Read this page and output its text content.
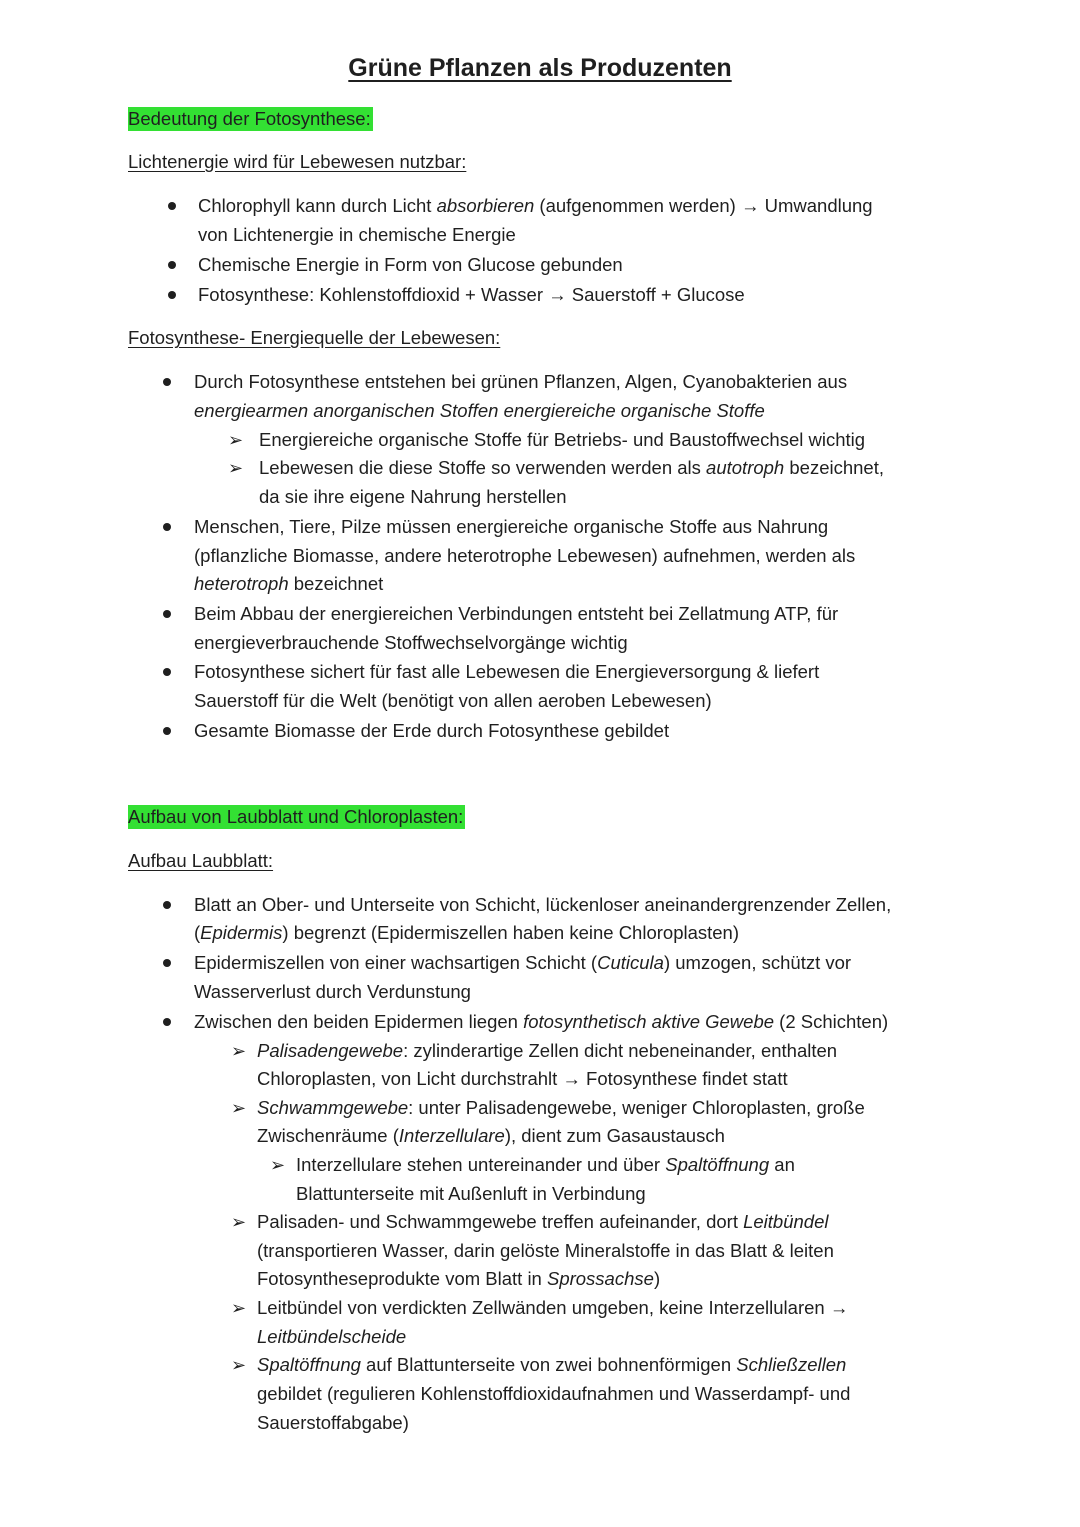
Grüne Pflanzen als Produzenten
Bedeutung der Fotosynthese:
Lichtenergie wird für Lebewesen nutzbar:
Chlorophyll kann durch Licht absorbieren (aufgenommen werden) → Umwandlung
von Lichtenergie in chemische Energie
Chemische Energie in Form von Glucose gebunden
Fotosynthese: Kohlenstoffdioxid + Wasser → Sauerstoff + Glucose
Fotosynthese- Energiequelle der Lebewesen:
Durch Fotosynthese entstehen bei grünen Pflanzen, Algen, Cyanobakterien aus
energiearmen anorganischen Stoffen energiereiche organische Stoffe
➢ Energiereiche organische Stoffe für Betriebs- und Baustoffwechsel wichtig
➢ Lebewesen die diese Stoffe so verwenden werden als autotroph bezeichnet,
da sie ihre eigene Nahrung herstellen
Menschen, Tiere, Pilze müssen energiereiche organische Stoffe aus Nahrung
(pflanzliche Biomasse, andere heterotrophe Lebewesen) aufnehmen, werden als
heterotroph bezeichnet
Beim Abbau der energiereichen Verbindungen entsteht bei Zellatmung ATP, für
energieverbrauchende Stoffwechselvorgänge wichtig
Fotosynthese sichert für fast alle Lebewesen die Energieversorgung & liefert
Sauerstoff für die Welt (benötigt von allen aeroben Lebewesen)
Gesamte Biomasse der Erde durch Fotosynthese gebildet
Aufbau von Laubblatt und Chloroplasten:
Aufbau Laubblatt:
Blatt an Ober- und Unterseite von Schicht, lückenloser aneinandergrenzender Zellen,
(Epidermis) begrenzt (Epidermiszellen haben keine Chloroplasten)
Epidermiszellen von einer wachsartigen Schicht (Cuticula) umzogen, schützt vor
Wasserverlust durch Verdunstung
Zwischen den beiden Epidermen liegen fotosynthetisch aktive Gewebe (2 Schichten)
➢ Palisadengewebe: zylinderartige Zellen dicht nebeneinander, enthalten
Chloroplasten, von Licht durchstrahlt → Fotosynthese findet statt
➢ Schwammgewebe: unter Palisadengewebe, weniger Chloroplasten, große
Zwischenräume (Interzellulare), dient zum Gasaustausch
➢ Interzellulare stehen untereinander und über Spaltöffnung an
Blattunterseite mit Außenluft in Verbindung
➢ Palisaden- und Schwammgewebe treffen aufeinander, dort Leitbündel
(transportieren Wasser, darin gelöste Mineralstoffe in das Blatt & leiten
Fotosyntheseprodukte vom Blatt in Sprossachse)
➢ Leitbündel von verdickten Zellwänden umgeben, keine Interzellularen →
Leitbündelscheide
➢ Spaltöffnung auf Blattunterseite von zwei bohnenförmigen Schließzellen
gebildet (regulieren Kohlenstoffdioxidaufnahmen und Wasserdampf- und
Sauerstoffabgabe)
